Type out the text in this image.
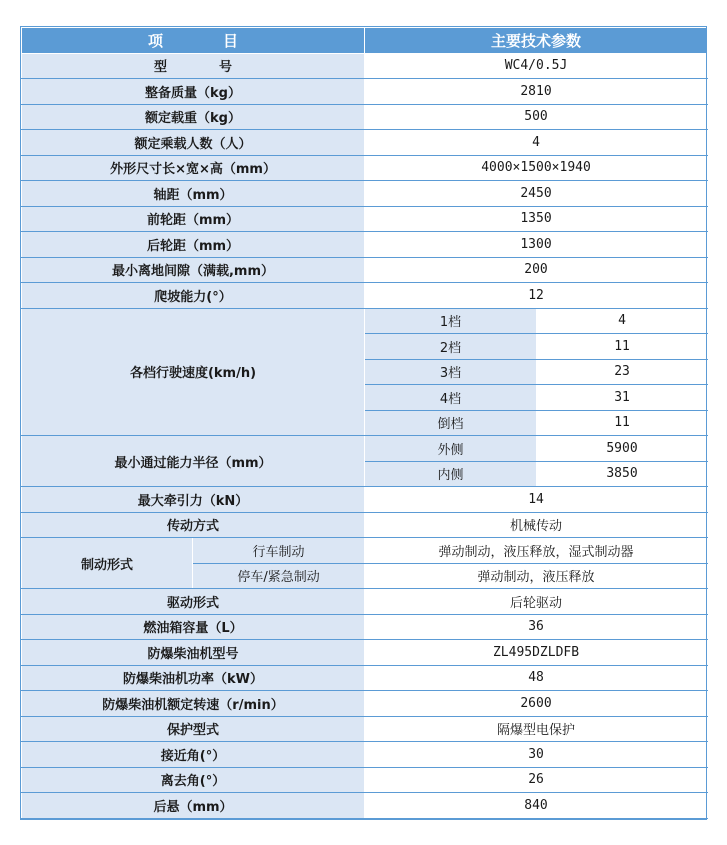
项　　　　目		主要技术参数	
型　　　　号		WC4/0.5J	
整备质量（kg）		2810	
额定载重（kg）		500	
额定乘载人数（人）		4	
外形尺寸长×宽×高（mm）		4000×1500×1940	
轴距（mm）		2450	
前轮距（mm）		1350	
后轮距（mm）		1300	
最小离地间隙（满载,mm）		200	
爬坡能力(°）		12	
各档行驶速度(km/h)		1档	4
		2档	11
		3档	23
		4档	31
		倒档	11
最小通过能力半径（mm）		外侧	5900
		内侧	3850
最大牵引力（kN）		14	
传动方式		机械传动	
制动形式	行车制动	弹动制动，液压释放，湿式制动器	
	停车/紧急制动	弹动制动，液压释放	
驱动形式		后轮驱动	
燃油箱容量（L）		36	
防爆柴油机型号		ZL495DZLDFB	
防爆柴油机功率（kW）		48	
防爆柴油机额定转速（r/min）		2600	
保护型式		隔爆型电保护	
接近角(°）		30	
离去角(°）		26	
后悬（mm）		840	
